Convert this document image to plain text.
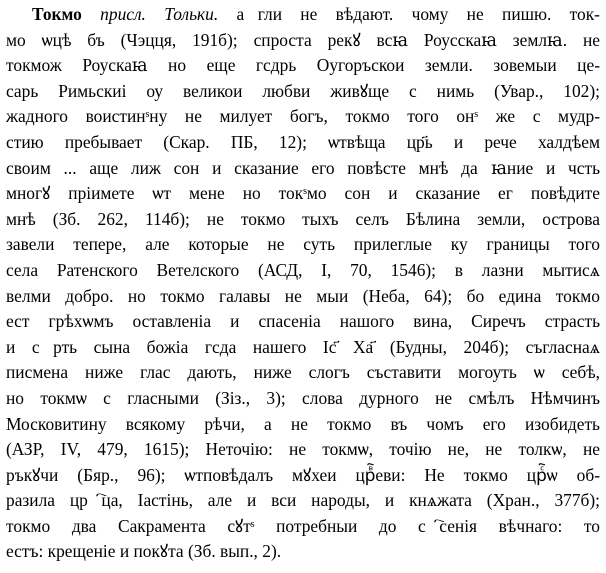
Токмо присл. Тольки. аⷩгли не вѣдают. чому не пишю. ток-
мо ѡцѣ бъ (Чэцця, 191б); спроста рекꙋ всꙗ Роусскаꙗ землꙗ. не
токмож Роускаꙗ но еще гсдрь Оугоръскои земли. зовемыи це-
сарь Римьскиі оу великои любви живꙋще с нимь (Увар., 102);
жадного воистинˢну не милует богъ, токмо того онˢ же с мудр-
стию пребывает (Скар. ПБ, 12); ѡтвѣща цр҃ь и рече халдѣем
своим ... аще лиж сон и сказание его повѣсте мнѣ даⷩꙗние и чсть
многꙋ пріимете ѡт мене но токˢмо сон и сказание ег повѣдите
мнѣ (Зб. 262, 114б); не токмо тыхъ селъ Бѣлина земли, острова
завели тепере, але которые не суть прилеглые ку границы того
села Ратенского Ветелского (АСД, I, 70, 1546); в лазни мытисѧ
велми добро. но токмо галавы не мыи (Неба, 64); бо едина токмо
ест грѣхѡмъ оставленіа и спасеніа нашого вина, Сиречъ страсть
и сⷨрть сына божіа гсда нашего Іс҃ Ха҃ (Будны, 204б); съгласнаѧ
писмена ниже глас дають, ниже слогъ съставити могоуть ѡ себѣ,
но токмѡ с гласными (Зіз., 3); слова дурного не смѣлъ Нѣмчинъ
Московитину всякому рѣчи, а не токмо въ чомъ его изобидеть
(АЗР, IV, 479, 1615); Неточію: не токмѡ, точію не, не толкѡ, не
ръкꙋчи (Бяр., 96); ѡтповѣдалъ мꙋхеи црⷡ҇еви: Не токмо црⷭ҇ѡ об-
разила црⷭ҇ца, Іастінь, але и вси народы, и кнѧжата (Хран., 377б);
токмо два Сакрамента сꙋтˢ потребныи до сⷫ҇сенія вѣчнаго: то
естъ: крещеніе и покꙋта (Зб. вып., 2).
